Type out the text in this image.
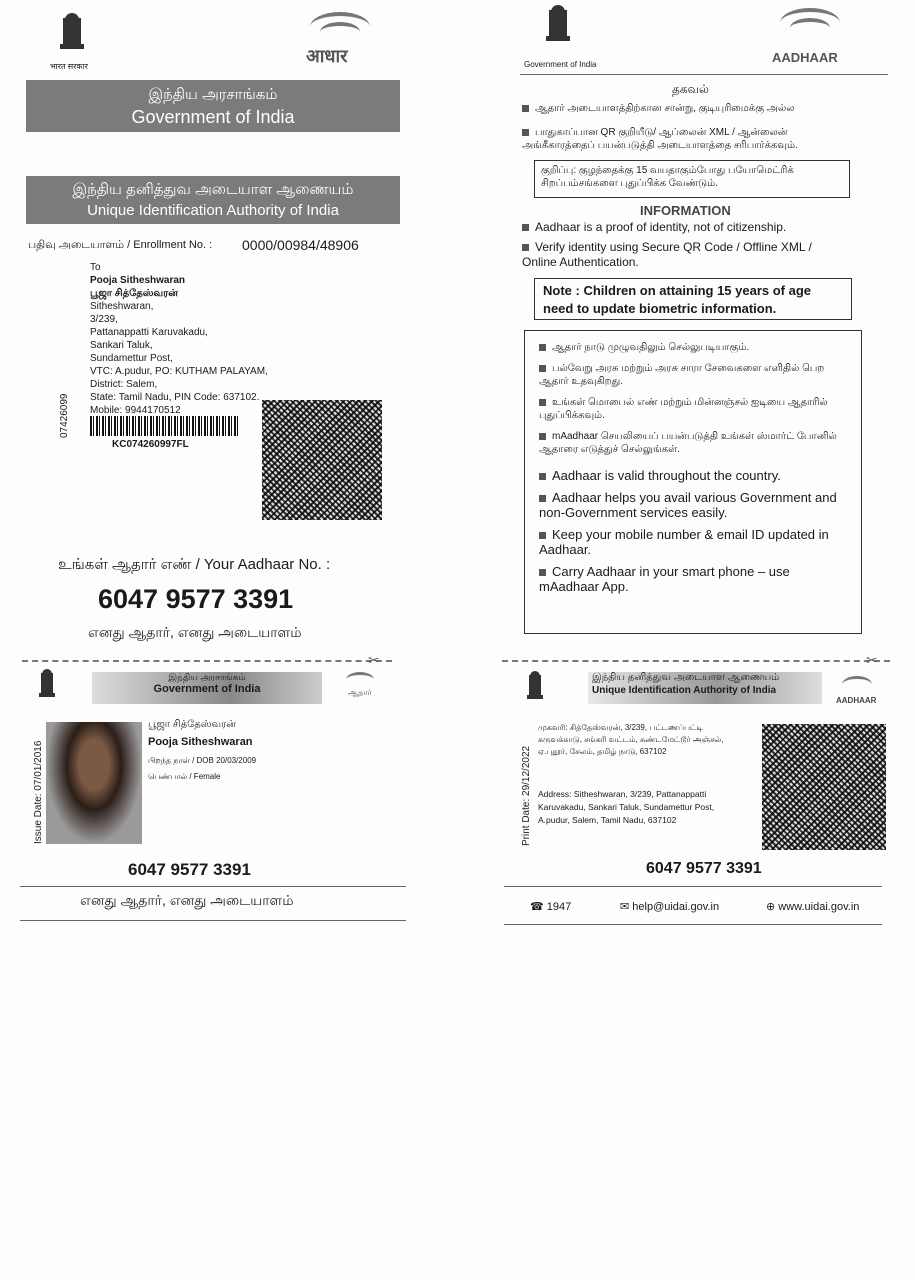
भारत सरकार
आधार
இந்திய அரசாங்கம்
Government of India
இந்திய தனித்துவ அடையாள ஆணையம்
Unique Identification Authority of India
பதிவு அடையாளம் / Enrollment No. : 0000/00984/48906
To
Pooja Sitheshwaran
பூஜா சித்தேஸ்வரன்
Sitheshwaran,
3/239,
Pattanappatti Karuvakadu,
Sankari Taluk,
Sundamettur Post,
VTC: A.pudur, PO: KUTHAM PALAYAM,
District: Salem,
State: Tamil Nadu, PIN Code: 637102.
Mobile: 9944170512
07426099
KC074260997FL
உங்கள் ஆதார் எண் / Your Aadhaar No. :
6047 9577 3391
எனது ஆதார், எனது அடையாளம்
Government of India	AADHAAR
தகவல்
ஆதார் அடையாளத்திற்கான சான்று, குடியுரிமைக்கு அல்ல
பாதுகாப்பான QR குறியீடு/ ஆப்லைன் XML / ஆன்லைன் அங்கீகாரத்தைப் பயன்படுத்தி அடையாளத்தை சரிபார்க்கவும்.
குறிப்பு: குழந்தைக்கு 15 வயதாகும்போது பயோமெட்ரிக் சிறப்பம்சங்களை புதுப்பிக்க வேண்டும்.
INFORMATION
Aadhaar is a proof of identity, not of citizenship.
Verify identity using Secure QR Code / Offline XML / Online Authentication.
Note : Children on attaining 15 years of age need to update biometric information.
ஆதார் நாடு முழுவதிலும் செல்லுபடியாகும்.
பல்வேறு அரசு மற்றும் அரசு சாரா சேவைகளை எளிதில் பெற ஆதார் உதவுகிறது.
உங்கள் மொபைல் எண் மற்றும் மின்னஞ்சல் ஐடியை ஆதாரில் புதுப்பிக்கவும்.
mAadhaar செயலியைப் பயன்படுத்தி உங்கள் ஸ்மார்ட் போனில் ஆதாரை எடுத்துச் செல்லுங்கள்.
Aadhaar is valid throughout the country.
Aadhaar helps you avail various Government and non-Government services easily.
Keep your mobile number & email ID updated in Aadhaar.
Carry Aadhaar in your smart phone – use mAadhaar App.
✂	✂
இந்திய அரசாங்கம்
Government of India	ஆதார்
Issue Date: 07/01/2016
பூஜா சித்தேஸ்வரன்
Pooja Sitheshwaran
பிறந்த நாள் / DOB 20/03/2009
பெண்பால் / Female
6047 9577 3391
எனது ஆதார், எனது அடையாளம்
இந்திய தனித்துவ அடையாள ஆணையம்
Unique Identification Authority of India
AADHAAR
Print Date: 29/12/2022
முகவரி: சித்தேஸ்வரன், 3/239, பட்டணப்பட்டி கருவக்காடு, சங்கரி வட்டம், சுண்டமேட்டூர் அஞ்சல், ஏ.புதூர், சேலம், தமிழ் நாடு, 637102
Address: Sitheshwaran, 3/239, Pattanappatti Karuvakadu, Sankari Taluk, Sundamettur Post, A.pudur, Salem, Tamil Nadu, 637102
6047 9577 3391
☎ 1947	✉ help@uidai.gov.in	⊕ www.uidai.gov.in
